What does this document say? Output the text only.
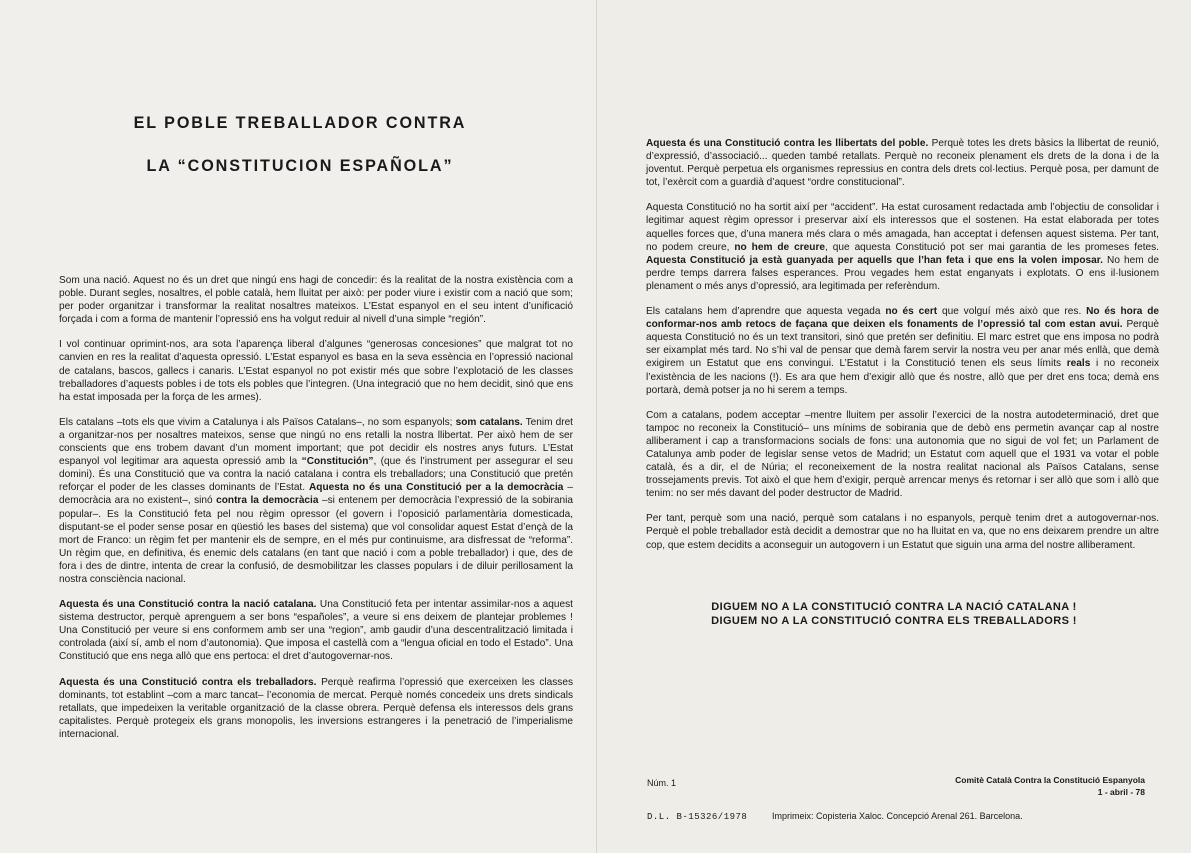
EL POBLE TREBALLADOR CONTRA
LA “CONSTITUCION ESPAÑOLA”

Som una nació. Aquest no és un dret que ningú ens hagi de concedir: és la realitat de la nostra existència com a poble. Durant segles, nosaltres, el poble català, hem lluitat per això: per poder viure i existir com a nació que som; per poder organitzar i transformar la realitat nosaltres mateixos. L’Estat espanyol en el seu intent d’unificació forçada i com a forma de mantenir l’opressió ens ha volgut reduir al nivell d’una simple “región”.

I vol continuar oprimint-nos, ara sota l’aparença liberal d’algunes “generosas concesiones” que malgrat tot no canvien en res la realitat d’aquesta opressió. L’Estat espanyol es basa en la seva essència en l’opressió nacional de catalans, bascos, gallecs i canaris. L’Estat espanyol no pot existir més que sobre l’explotació de les classes treballadores d’aquests pobles i de tots els pobles que l’integren. (Una integració que no hem decidit, sinó que ens ha estat imposada per la força de les armes).

Els catalans –tots els que vivim a Catalunya i als Països Catalans–, no som espanyols; som catalans. Tenim dret a organitzar-nos per nosaltres mateixos, sense que ningú no ens retalli la nostra llibertat. Per això hem de ser conscients que ens trobem davant d’un moment important; que pot decidir els nostres anys futurs. L’Estat espanyol vol legitimar ara aquesta opressió amb la “Constitución”, (que és l’instrument per assegurar el seu domini). És una Constitució que va contra la nació catalana i contra els treballadors; una Constitució que pretén reforçar el poder de les classes dominants de l’Estat. Aquesta no és una Constitució per a la democràcia –democràcia ara no existent–, sinó contra la democràcia –si entenem per democràcia l’expressió de la sobirania popular–. Es la Constitució feta pel nou règim opressor (el govern i l’oposició parlamentària domesticada, disputant-se el poder sense posar en qüestió les bases del sistema) que vol consolidar aquest Estat d’ençà de la mort de Franco: un règim fet per mantenir els de sempre, en el més pur continuisme, ara disfressat de “reforma”. Un règim que, en definitiva, és enemic dels catalans (en tant que nació i com a poble treballador) i que, des de fora i des de dintre, intenta de crear la confusió, de desmobilitzar les classes populars i de diluir perillosament la nostra consciència nacional.

Aquesta és una Constitució contra la nació catalana. Una Constitució feta per intentar assimilar-nos a aquest sistema destructor, perquè aprenguem a ser bons “españoles”, a veure si ens deixem de plantejar problemes ! Una Constitució per veure si ens conformem amb ser una “region”, amb gaudir d’una descentralització limitada i controlada (així sí, amb el nom d’autonomia). Que imposa el castellà com a “lengua oficial en todo el Estado”. Una Constitució que ens nega allò que ens pertoca: el dret d’autogovernar-nos.

Aquesta és una Constitució contra els treballadors. Perquè reafirma l’opressió que exerceixen les classes dominants, tot establint –com a marc tancat– l’economia de mercat. Perquè només concedeix uns drets sindicals retallats, que impedeixen la veritable organització de la classe obrera. Perquè defensa els interessos dels grans capitalistes. Perquè protegeix els grans monopolis, les inversions estrangeres i la penetració de l’imperialisme internacional.

Aquesta és una Constitució contra les llibertats del poble. Perquè totes les drets bàsics la llibertat de reunió, d’expressió, d’associació... queden també retallats. Perquè no reconeix plenament els drets de la dona i de la joventut. Perquè perpetua els organismes repressius en contra dels drets col·lectius. Perquè posa, per damunt de tot, l’exèrcit com a guardià d’aquest “ordre constitucional”.

Aquesta Constitució no ha sortit així per “accident”. Ha estat curosament redactada amb l’objectiu de consolidar i legitimar aquest règim opressor i preservar així els interessos que el sostenen. Ha estat elaborada per totes aquelles forces que, d’una manera més clara o més amagada, han acceptat i defensen aquest sistema. Per tant, no podem creure, no hem de creure, que aquesta Constitució pot ser mai garantia de les promeses fetes. Aquesta Constitució ja està guanyada per aquells que l’han feta i que ens la volen imposar. No hem de perdre temps darrera falses esperances. Prou vegades hem estat enganyats i explotats. O ens il·lusionem plenament o més anys d’opressió, ara legitimada per referèndum.

Els catalans hem d’aprendre que aquesta vegada no és cert que volguí més això que res. No és hora de conformar-nos amb retocs de façana que deixen els fonaments de l’opressió tal com estan avui. Perquè aquesta Constitució no és un text transitori, sinó que pretén ser definitiu. El marc estret que ens imposa no podrà ser eixamplat més tard. No s’hi val de pensar que demà farem servir la nostra veu per anar més enllà, que demà exigirem un Estatut que ens convingui. L’Estatut i la Constitució tenen els seus límits reals i no reconeix l’existència de les nacions (!). Es ara que hem d’exigir allò que és nostre, allò que per dret ens toca; demà ens portarà, demà potser ja no hi serem a temps.

Com a catalans, podem acceptar –mentre lluitem per assolir l’exercici de la nostra autodeterminació, dret que tampoc no reconeix la Constitució– uns mínims de sobirania que de debò ens permetin avançar cap al nostre alliberament i cap a transformacions socials de fons: una autonomia que no sigui de vol fet; un Parlament de Catalunya amb poder de legislar sense vetos de Madrid; un Estatut com aquell que el 1931 va votar el poble català, és a dir, el de Núria; el reconeixement de la nostra realitat nacional als Països Catalans, sense trossejaments previs. Tot això el que hem d’exigir, perquè arrencar menys és retornar i ser allò que som i allò que tenim: no ser més davant del poder destructor de Madrid.

Per tant, perquè som una nació, perquè som catalans i no espanyols, perquè tenim dret a autogovernar-nos. Perquè el poble treballador està decidit a demostrar que no ha lluitat en va, que no ens deixarem prendre un altre cop, que estem decidits a aconseguir un autogovern i un Estatut que siguin una arma del nostre alliberament.

DIGUEM NO A LA CONSTITUCIÓ CONTRA LA NACIÓ CATALANA !
DIGUEM NO A LA CONSTITUCIÓ CONTRA ELS TREBALLADORS !
Núm. 1	Comitè Català Contra la Constitució Espanyola
1 - abril - 78
D.L. B-15326/1978	Imprimeix: Copisteria Xaloc. Concepció Arenal 261. Barcelona.
